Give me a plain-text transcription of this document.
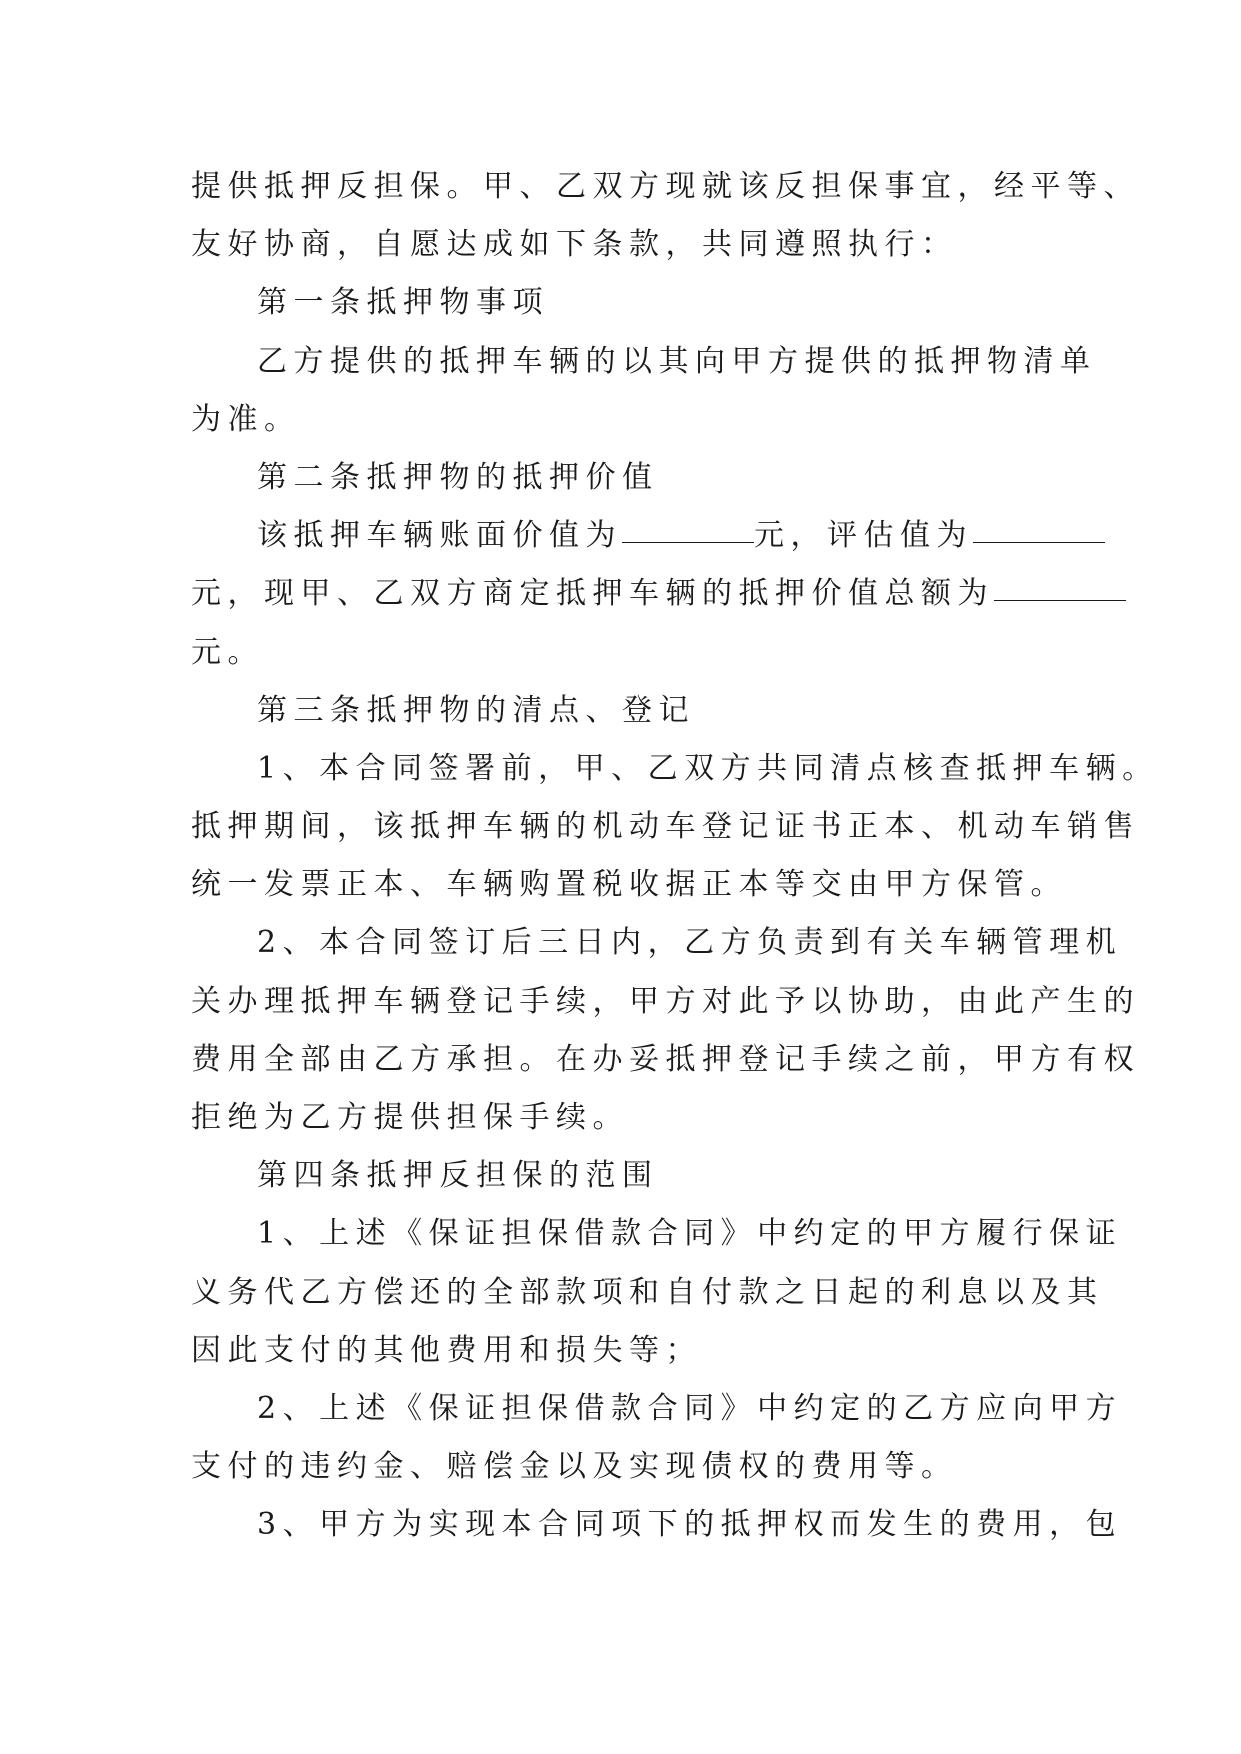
提供抵押反担保。甲、乙双方现就该反担保事宜，经平等、
友好协商，自愿达成如下条款，共同遵照执行：
第一条抵押物事项
乙方提供的抵押车辆的以其向甲方提供的抵押物清单
为准。
第二条抵押物的抵押价值
该抵押车辆账面价值为	元，评估值为
元，现甲、乙双方商定抵押车辆的抵押价值总额为
元。
第三条抵押物的清点、登记
1、本合同签署前，甲、乙双方共同清点核查抵押车辆。
抵押期间，该抵押车辆的机动车登记证书正本、机动车销售
统一发票正本、车辆购置税收据正本等交由甲方保管。
2、本合同签订后三日内，乙方负责到有关车辆管理机
关办理抵押车辆登记手续，甲方对此予以协助，由此产生的
费用全部由乙方承担。在办妥抵押登记手续之前，甲方有权
拒绝为乙方提供担保手续。
第四条抵押反担保的范围
1、上述《保证担保借款合同》中约定的甲方履行保证
义务代乙方偿还的全部款项和自付款之日起的利息以及其
因此支付的其他费用和损失等；
2、上述《保证担保借款合同》中约定的乙方应向甲方
支付的违约金、赔偿金以及实现债权的费用等。
3、甲方为实现本合同项下的抵押权而发生的费用，包
